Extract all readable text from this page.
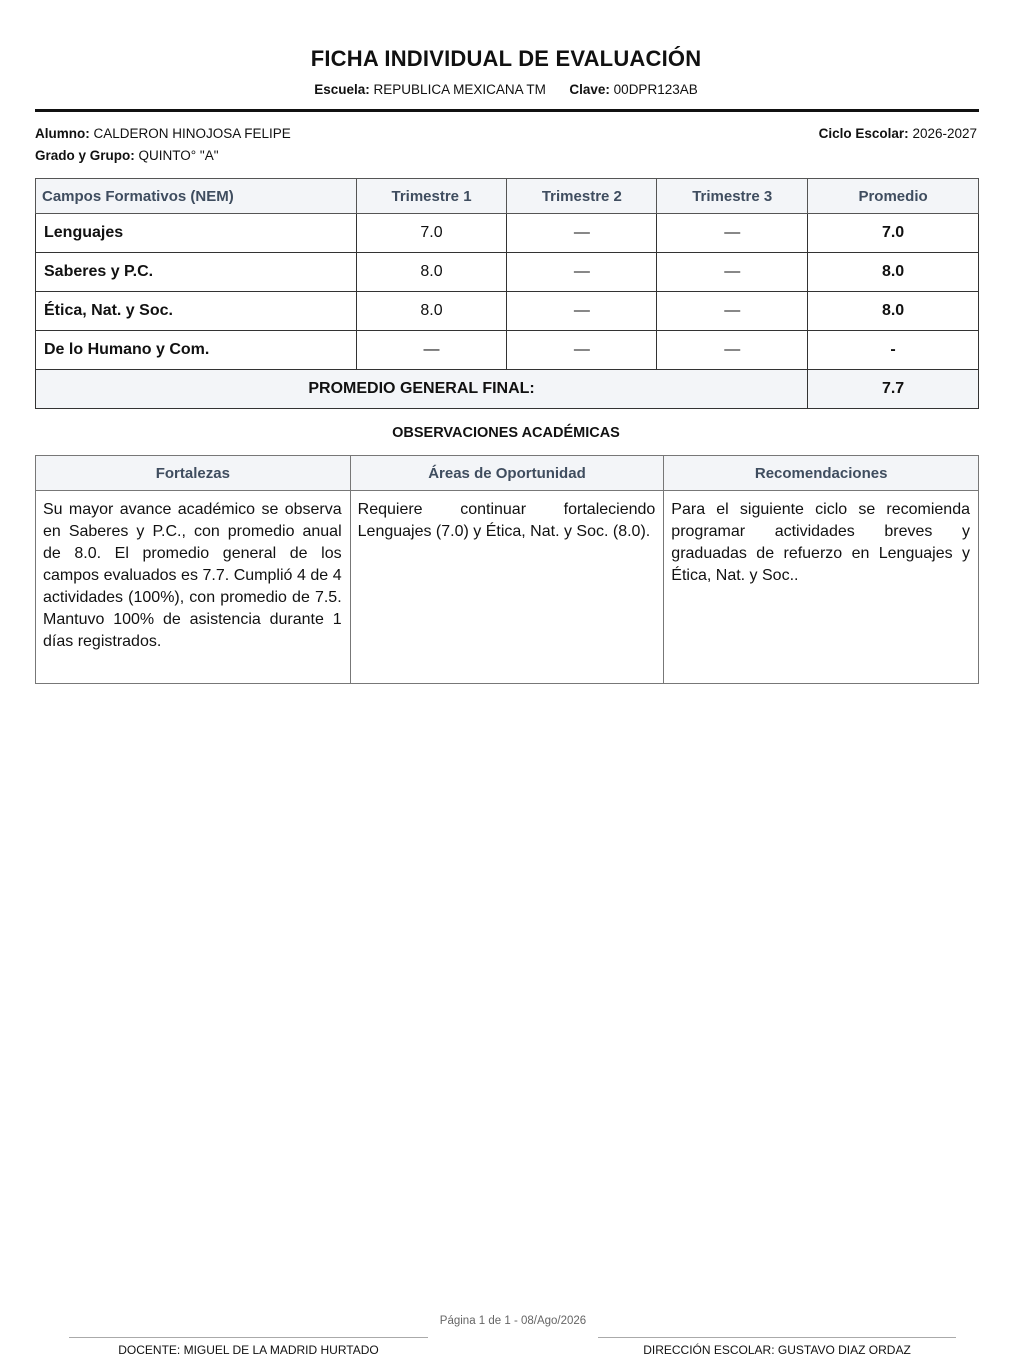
FICHA INDIVIDUAL DE EVALUACIÓN
Escuela: REPUBLICA MEXICANA TM Clave: 00DPR123AB
Alumno: CALDERON HINOJOSA FELIPE
Grado y Grupo: QUINTO° "A"
Ciclo Escolar: 2026-2027
Campos Formativos (NEM)	Trimestre 1	Trimestre 2	Trimestre 3	Promedio
Lenguajes	7.0	—	—	7.0
Saberes y P.C.	8.0	—	—	8.0
Ética, Nat. y Soc.	8.0	—	—	8.0
De lo Humano y Com.	—	—	—	-
PROMEDIO GENERAL FINAL:				7.7
OBSERVACIONES ACADÉMICAS
Fortalezas	Áreas de Oportunidad	Recomendaciones
Su mayor avance académico se observa en Saberes y P.C., con promedio anual de 8.0. El promedio general de los campos evaluados es 7.7. Cumplió 4 de 4 actividades (100%), con promedio de 7.5. Mantuvo 100% de asistencia durante 1 días registrados.	Requiere continuar fortaleciendo Lenguajes (7.0) y Ética, Nat. y Soc. (8.0).	Para el siguiente ciclo se recomienda programar actividades breves y graduadas de refuerzo en Lenguajes y Ética, Nat. y Soc..
Página 1 de 1 - 08/Ago/2026
DOCENTE: MIGUEL DE LA MADRID HURTADO	DIRECCIÓN ESCOLAR: GUSTAVO DIAZ ORDAZ
